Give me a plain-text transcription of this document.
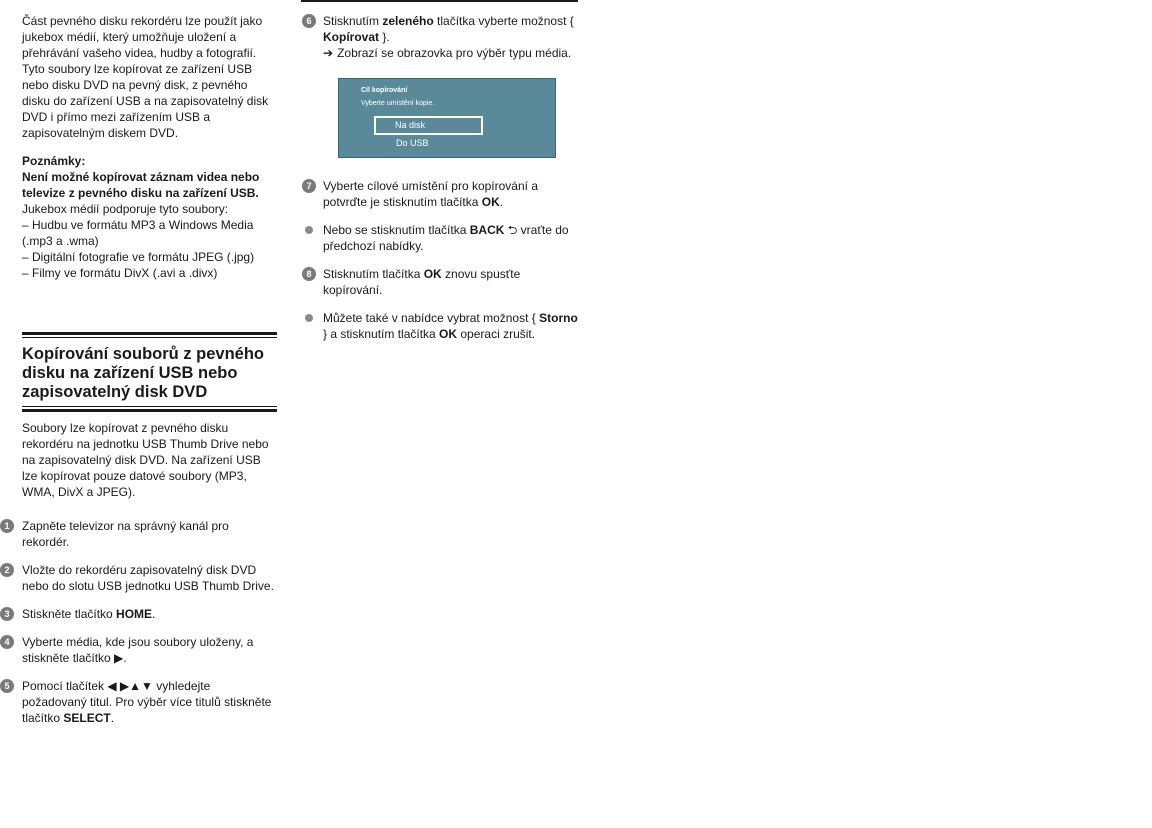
Část pevného disku rekordéru lze použít jako jukebox médií, který umožňuje uložení a přehrávání vašeho videa, hudby a fotografií. Tyto soubory lze kopírovat ze zařízení USB nebo disku DVD na pevný disk, z pevného disku do zařízení USB a na zapisovatelný disk DVD i přímo mezi zařízením USB a zapisovatelným diskem DVD.

Poznámky:

Není možné kopírovat záznam videa nebo televize z pevného disku na zařízení USB.

Jukebox médií podporuje tyto soubory:

– Hudbu ve formátu MP3 a Windows Media (.mp3 a .wma)

– Digitální fotografie ve formátu JPEG (.jpg)

– Filmy ve formátu DivX (.avi a .divx)

Kopírování souborů z pevného disku na zařízení USB nebo zapisovatelný disk DVD

Soubory lze kopírovat z pevného disku rekordéru na jednotku USB Thumb Drive nebo na zapisovatelný disk DVD. Na zařízení USB lze kopírovat pouze datové soubory (MP3, WMA, DivX a JPEG).

1	Zapněte televizor na správný kanál pro rekordér.

2	Vložte do rekordéru zapisovatelný disk DVD nebo do slotu USB jednotku USB Thumb Drive.

3	Stiskněte tlačítko HOME.

4	Vyberte média, kde jsou soubory uloženy, a stiskněte tlačítko ▶.

5	Pomocí tlačítek ◀ ▶▲▼ vyhledejte požadovaný titul. Pro výběr více titulů stiskněte tlačítko SELECT.

6 Stisknutím zeleného tlačítka vyberte možnost { Kopírovat }.

➔ Zobrazí se obrazovka pro výběr typu média.

Cíl kopírování
Vyberte umístění kopie.
Na disk
Do USB
7 Vyberte cílové umístění pro kopírování a potvrďte je stisknutím tlačítka OK.

Nebo se stisknutím tlačítka BACK ⮌ vraťte do předchozí nabídky.

8 Stisknutím tlačítka OK znovu spusťte kopírování.

Můžete také v nabídce vybrat možnost { Storno } a stisknutím tlačítka OK operaci zrušit.
